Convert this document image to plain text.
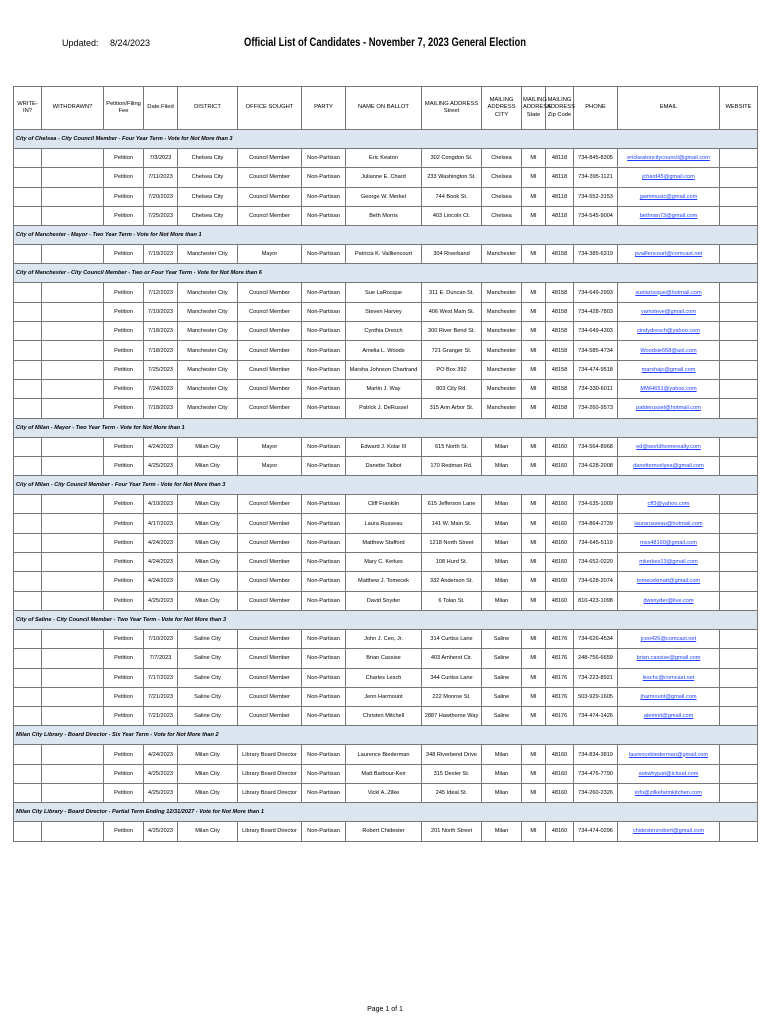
Updated: 8/24/2023	Official List of Candidates - November 7, 2023 General Election
WRITE-IN?	WITHDRAWN?	Petition/Filing Fee	Date Filed	DISTRICT	OFFICE SOUGHT	PARTY	NAME ON BALLOT	MAILING ADDRESS Street	MAILING ADDRESS CITY	MAILING ADDRESS State	MAILING ADDRESS Zip Code	PHONE	EMAIL	WEBSITE
City of Chelsea - City Council Member - Four Year Term - Vote for Not More than 3														
		Petition	7/3/2023	Chelsea City	Council Member	Non-Partisan	Eric Keaton	302 Congdon St.	Chelsea	MI	48118	734-845-8305	erickeatoncitycouncil@gmail.com	
		Petition	7/11/2023	Chelsea City	Council Member	Non-Partisan	Julianne E. Chard	233 Washington St.	Chelsea	MI	48118	734-395-1121	jchard45@gmail.com	
		Petition	7/20/2023	Chelsea City	Council Member	Non-Partisan	George W. Merkel	744 Book St.	Chelsea	MI	48118	734-552-3153	gwmmusic@gmail.com	
		Petition	7/25/2023	Chelsea City	Council Member	Non-Partisan	Beth Morris	403 Lincoln Ct.	Chelsea	MI	48118	734-545-9004	bethnan73@gmail.com	
City of Manchester - Mayor - Two Year Term - Vote for Not More than 1														
		Petition	7/19/2023	Manchester City	Mayor	Non-Partisan	Patricia K. Vailliencourt	304 Riverband	Manchester	MI	48158	734-385-6319	pvaillencourt@comcast.net	
City of Manchester - City Council Member - Two or Four Year Term - Vote for Not More than 6														
		Petition	7/12/2023	Manchester City	Council Member	Non-Partisan	Sue LaRocque	311 E. Duncan St.	Manchester	MI	48158	734-649-2993	suelarocque@hotmail.com	
		Petition	7/10/2023	Manchester City	Council Member	Non-Partisan	Steven Harvey	406 West Main St.	Manchester	MI	48158	734-428-7803	vamsteve@gmail.com	
		Petition	7/18/2023	Manchester City	Council Member	Non-Partisan	Cynthia Dresch	300 River Bend St.	Manchester	MI	48158	734-649-4303	cindydresch@yahoo.com	
		Petition	7/18/2023	Manchester City	Council Member	Non-Partisan	Amelia L. Woods	721 Granger St.	Manchester	MI	48158	734-585-4734	Woodsie668@aol.com	
		Petition	7/25/2023	Manchester City	Council Member	Non-Partisan	Marsha Johnson Chartrand	PO Box 392	Manchester	MI	48158	734-474-9518	marshajc@gmail.com	
		Petition	7/24/2023	Manchester City	Council Member	Non-Partisan	Martin J. Way	803 City Rd.	Manchester	MI	48158	734-330-6011	MWH651@yahoo.com	
		Petition	7/18/2023	Manchester City	Council Member	Non-Partisan	Patrick J. DeRussel	315 Ann Arbor St.	Manchester	MI	48158	734-260-9573	patderussel@hotmail.com	
City of Milan - Mayor - Two Year Term - Vote for Not More than 1														
		Petition	4/24/2023	Milan City	Mayor	Non-Partisan	Edward J. Kolar III	615 North St.	Milan	MI	48160	734-564-8968	ed@worldhomerealty.com	
		Petition	4/25/2023	Milan City	Mayor	Non-Partisan	Danette Talbot	170 Redman Rd.	Milan	MI	48160	734-628-2008	danettemcelyea@gmail.com	
City of Milan - City Council Member - Four Year Term - Vote for Not More than 3														
		Petition	4/10/2023	Milan City	Council Member	Non-Partisan	Cliff Franklin	615 Jefferson Lane	Milan	MI	48160	734-635-1009	cff3@yahoo.com	
		Petition	4/17/2023	Milan City	Council Member	Non-Partisan	Laura Russeau	141 W. Main St.	Milan	MI	48160	734-864-2739	laurarusseau@hotmail.com	
		Petition	4/24/2023	Milan City	Council Member	Non-Partisan	Matthew Stafford	1218 North Street	Milan	MI	48160	734-645-5119	mss48160@gmail.com	
		Petition	4/24/2023	Milan City	Council Member	Non-Partisan	Mary C. Kerkes	108 Hurd St.	Milan	MI	48160	734-652-0220	mkerkes13@gmail.com	
		Petition	4/24/2023	Milan City	Council Member	Non-Partisan	Matthew J. Tomecek	332 Anderson St.	Milan	MI	48160	734-628-2074	tomecekmatt@gmail.com	
		Petition	4/25/2023	Milan City	Council Member	Non-Partisan	David Snyder	6 Tolan St.	Milan	MI	48160	810-423-1098	dwsnyder@live.com	
City of Saline - City Council Member - Two Year Term - Vote for Not More than 3														
		Petition	7/10/2023	Saline City	Council Member	Non-Partisan	John J. Ceo, Jr.	314 Curtiss Lane	Saline	MI	48176	734-626-4534	jceo426@comcast.net	
		Petition	7/7/2023	Saline City	Council Member	Non-Partisan	Brian Cassise	403 Amherst Cir.	Saline	MI	48176	248-756-6659	brian.cassise@gmail.com	
		Petition	7/17/2023	Saline City	Council Member	Non-Partisan	Charles Lesch	344 Curtiss Lane	Saline	MI	48176	734-223-8921	leschc@comcast.net	
		Petition	7/21/2023	Saline City	Council Member	Non-Partisan	Jenn Harmount	222 Monroe St.	Saline	MI	48176	503-929-1605	jharmount@gmail.com	
		Petition	7/21/2023	Saline City	Council Member	Non-Partisan	Christen Mitchell	2887 Hawthorne Way	Saline	MI	48176	734-474-1426	atemnit@gmail.com	
Milan City Library - Board Director - Six Year Term - Vote for Not More than 2														
		Petition	4/24/2023	Milan City	Library Board Director	Non-Partisan	Laurence Biederman	348 Riverbend Drive	Milan	MI	48160	734-834-3819	laurencebiederman@gmail.com	
		Petition	4/25/2023	Milan City	Library Board Director	Non-Partisan	Matt Barbour-Keir	315 Dexter St.	Milan	MI	48160	734-476-7790	askwhyjust@icloud.com	
		Petition	4/25/2023	Milan City	Library Board Director	Non-Partisan	Vicki A. Zilke	245 Ideal St.	Milan	MI	48160	734-260-2326	info@zilkefarmkitchen.com	
Milan City Library - Board Director - Partial Term Ending 12/31/2027 - Vote for Not More than 1														
		Petition	4/25/2023	Milan City	Library Board Director	Non-Partisan	Robert Chidester	201 North Street	Milan	MI	48160	734-474-0296	chidesterzrobert@gmail.com	
Page 1 of 1
